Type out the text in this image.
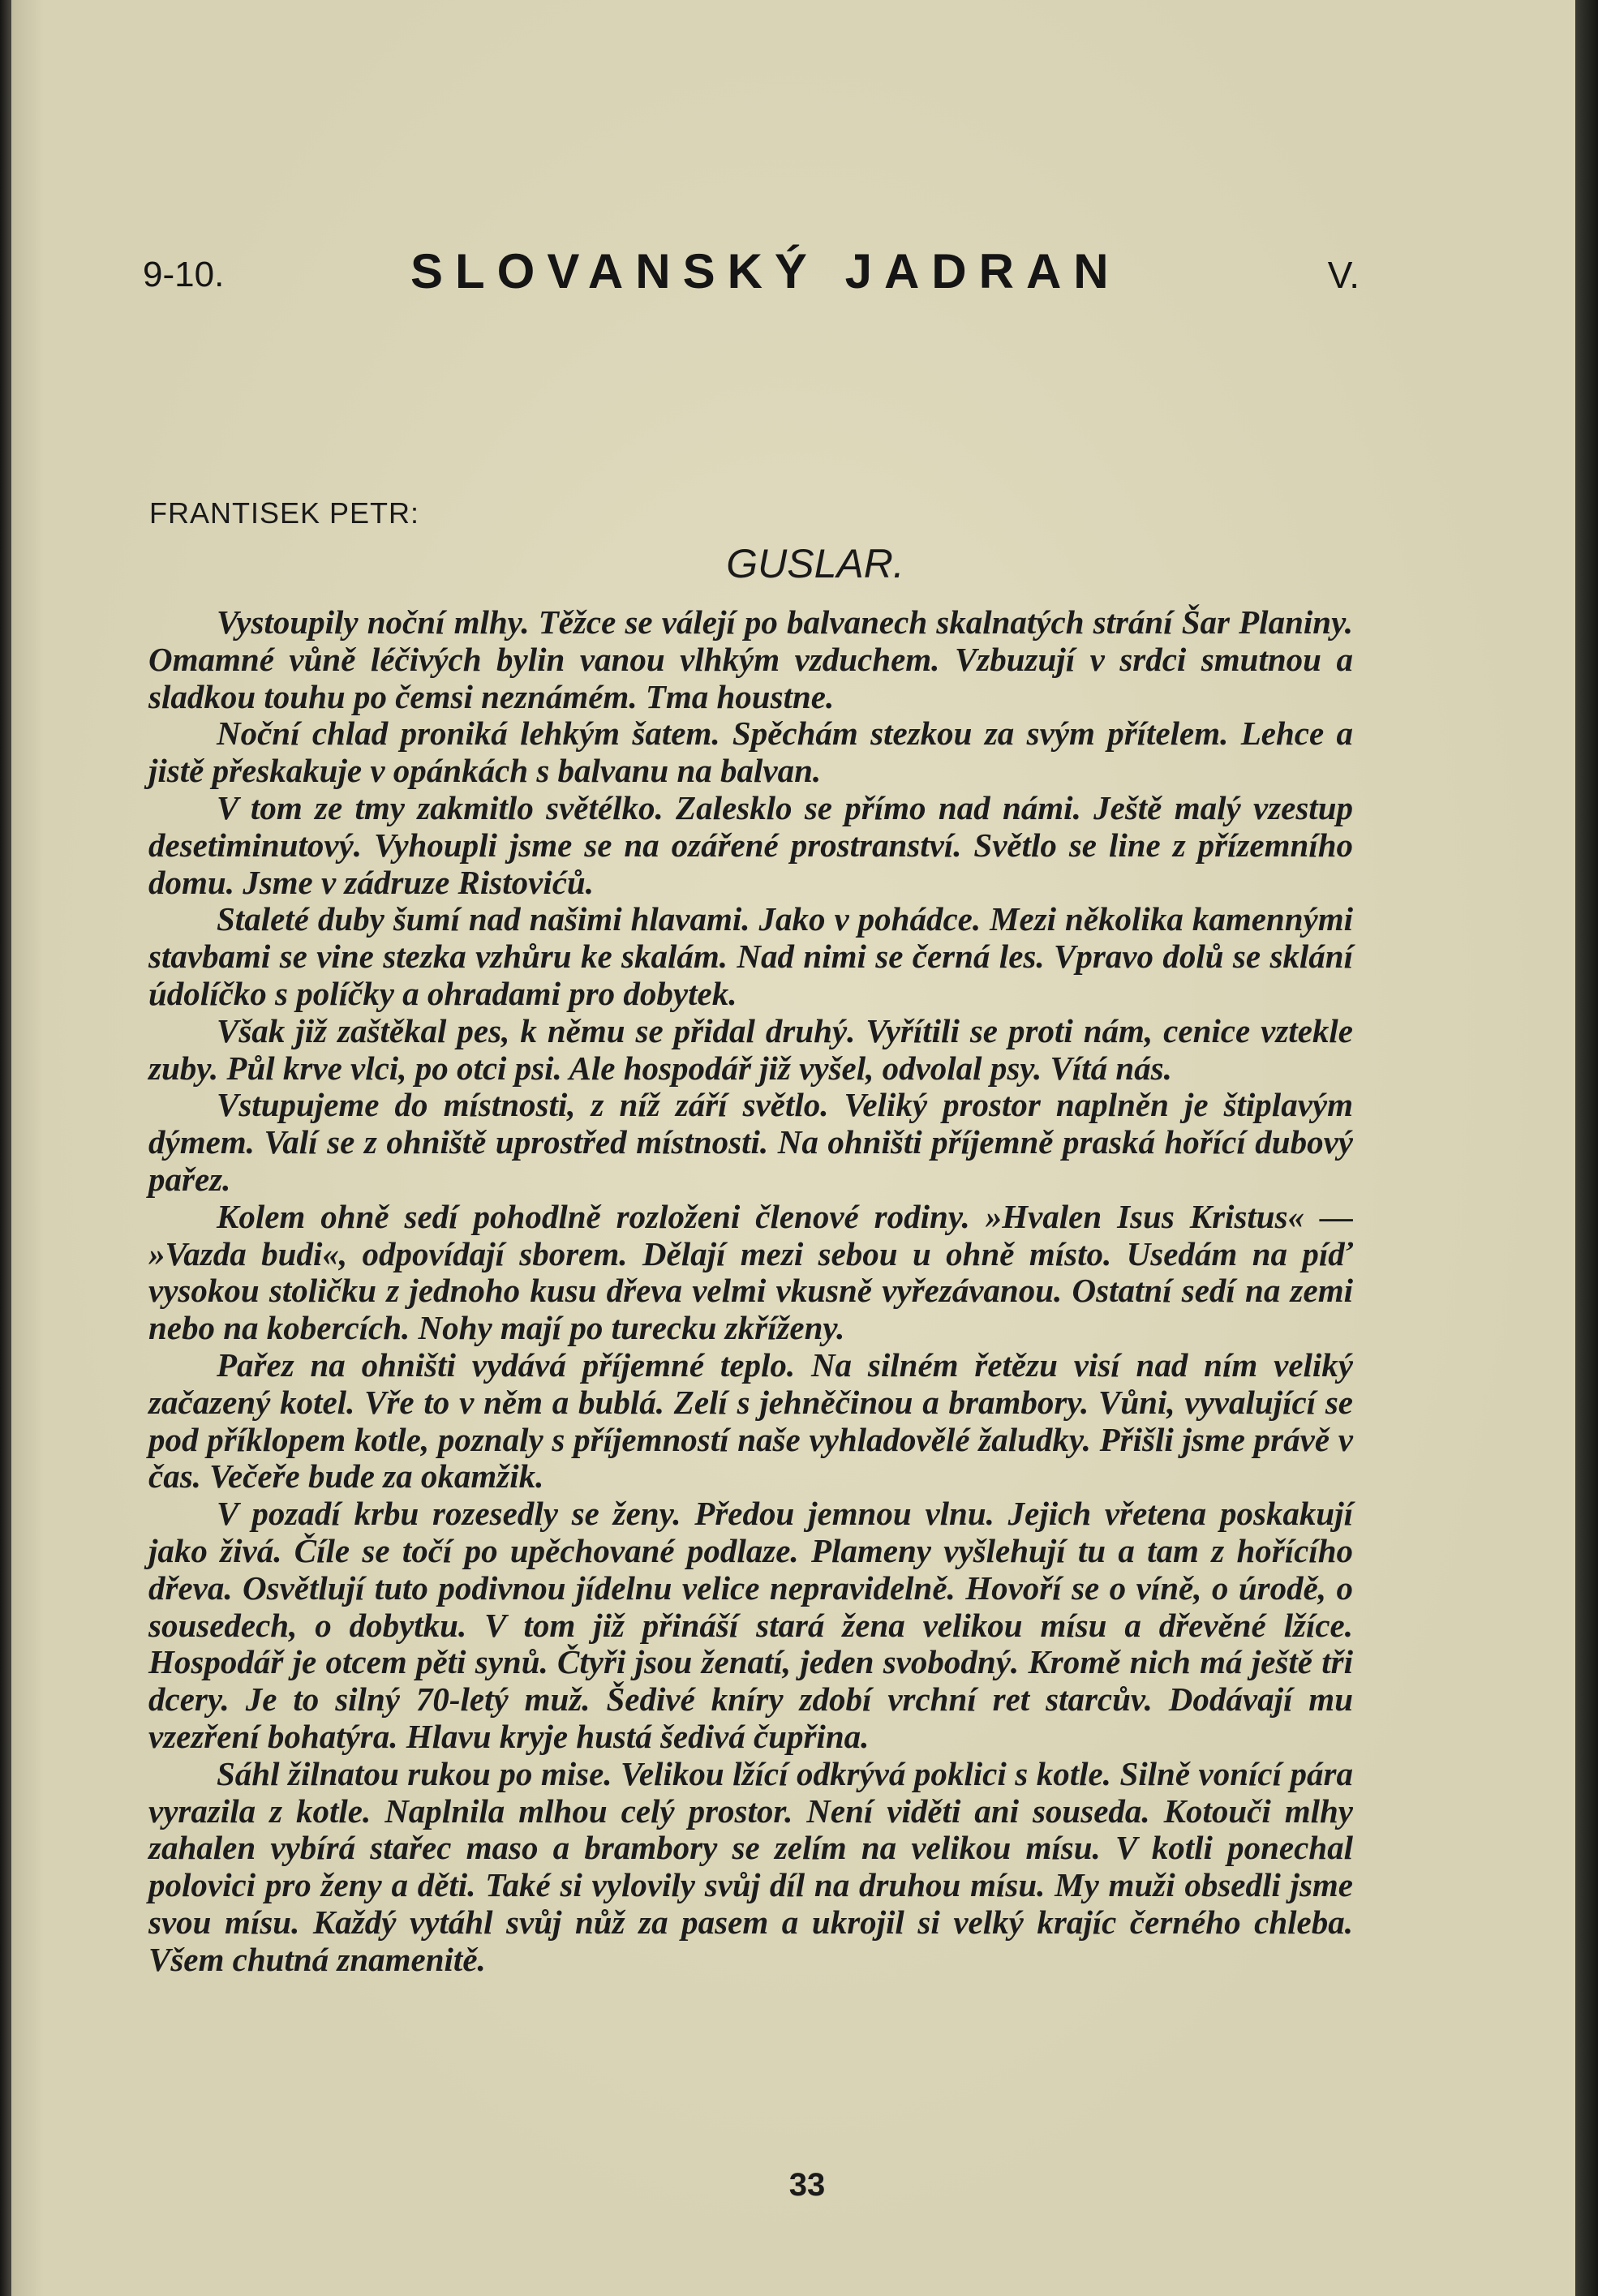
9-10.	SLOVANSKÝ JADRAN	V.
FRANTISEK PETR:
GUSLAR.

Vystoupily noční mlhy. Těžce se válejí po balvanech skalnatých strání Šar Planiny. Omamné vůně léčivých bylin vanou vlhkým vzduchem. Vzbuzují v srdci smutnou a sladkou touhu po čemsi neznámém. Tma houstne.

Noční chlad proniká lehkým šatem. Spěchám stezkou za svým přítelem. Lehce a jistě přeskakuje v opánkách s balvanu na balvan.

V tom ze tmy zakmitlo světélko. Zalesklo se přímo nad námi. Ještě malý vzestup desetiminutový. Vyhoupli jsme se na ozářené prostranství. Světlo se line z přízemního domu. Jsme v zádruze Ristovićů.

Staleté duby šumí nad našimi hlavami. Jako v pohádce. Mezi několika kamennými stavbami se vine stezka vzhůru ke skalám. Nad nimi se černá les. Vpravo dolů se sklání údolíčko s políčky a ohradami pro dobytek.

Však již zaštěkal pes, k němu se přidal druhý. Vyřítili se proti nám, cenice vztekle zuby. Půl krve vlci, po otci psi. Ale hospodář již vyšel, odvolal psy. Vítá nás.

Vstupujeme do místnosti, z níž září světlo. Veliký prostor naplněn je štiplavým dýmem. Valí se z ohniště uprostřed místnosti. Na ohništi příjemně praská hořící dubový pařez.

Kolem ohně sedí pohodlně rozloženi členové rodiny. »Hvalen Isus Kristus« — »Vazda budi«, odpovídají sborem. Dělají mezi sebou u ohně místo. Usedám na píď vysokou stoličku z jednoho kusu dřeva velmi vkusně vyřezávanou. Ostatní sedí na zemi nebo na kobercích. Nohy mají po turecku zkříženy.

Pařez na ohništi vydává příjemné teplo. Na silném řetězu visí nad ním veliký začazený kotel. Vře to v něm a bublá. Zelí s jehněčinou a brambory. Vůni, vyvalující se pod příklopem kotle, poznaly s příjemností naše vyhladovělé žaludky. Přišli jsme právě v čas. Večeře bude za okamžik.

V pozadí krbu rozesedly se ženy. Předou jemnou vlnu. Jejich vřetena poskakují jako živá. Číle se točí po upěchované podlaze. Plameny vyšlehují tu a tam z hořícího dřeva. Osvětlují tuto podivnou jídelnu velice nepravidelně. Hovoří se o víně, o úrodě, o sousedech, o dobytku. V tom již přináší stará žena velikou mísu a dřevěné lžíce. Hospodář je otcem pěti synů. Čtyři jsou ženatí, jeden svobodný. Kromě nich má ještě tři dcery. Je to silný 70-letý muž. Šedivé kníry zdobí vrchní ret starcův. Dodávají mu vzezření bohatýra. Hlavu kryje hustá šedivá čupřina.

Sáhl žilnatou rukou po mise. Velikou lžící odkrývá poklici s kotle. Silně vonící pára vyrazila z kotle. Naplnila mlhou celý prostor. Není viděti ani souseda. Kotouči mlhy zahalen vybírá stařec maso a brambory se zelím na velikou mísu. V kotli ponechal polovici pro ženy a děti. Také si vylovily svůj díl na druhou mísu. My muži obsedli jsme svou mísu. Každý vytáhl svůj nůž za pasem a ukrojil si velký krajíc černého chleba. Všem chutná znamenitě.

33
